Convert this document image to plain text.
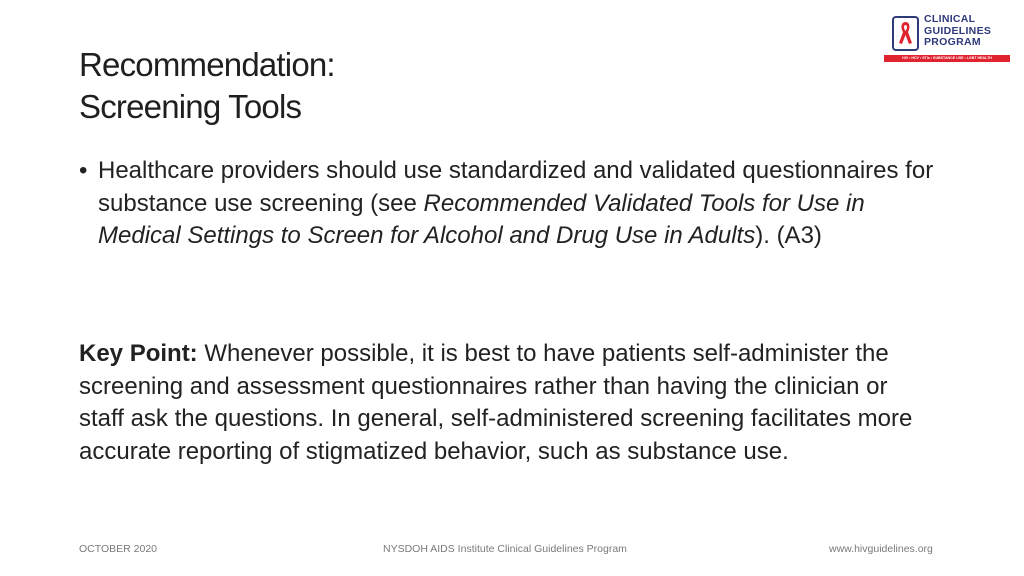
Recommendation:
Screening Tools
CLINICAL
GUIDELINES
PROGRAM
HIV • HCV • STIs • SUBSTANCE USE • LGBT HEALTH
• Healthcare providers should use standardized and validated questionnaires for substance use screening (see Recommended Validated Tools for Use in Medical Settings to Screen for Alcohol and Drug Use in Adults). (A3)
Key Point: Whenever possible, it is best to have patients self-administer the screening and assessment questionnaires rather than having the clinician or staff ask the questions. In general, self-administered screening facilitates more accurate reporting of stigmatized behavior, such as substance use.
OCTOBER 2020	NYSDOH AIDS Institute Clinical Guidelines Program	www.hivguidelines.org
